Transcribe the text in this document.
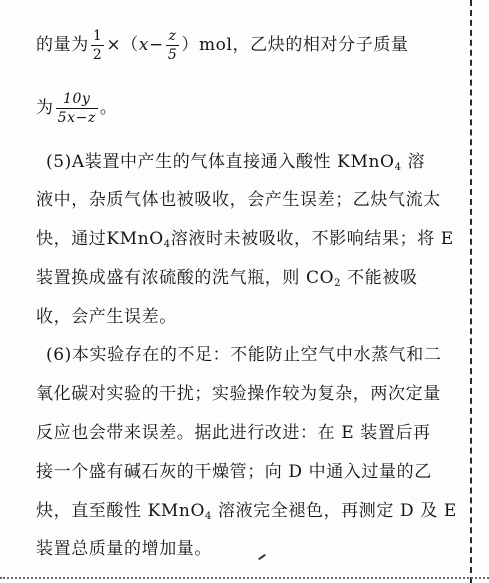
的量为 $\frac{1}{2} \times(x- \frac{z}{5} )mol$，乙炔的相对分子质量
为 $\frac{10y}{5x-z}$ 。
(5)A装置中产生的气体直接通入酸性 KMnO$_4$ 溶
液中，杂质气体也被吸收，会产生误差；乙炔气流太
快，通过KMnO$_4$溶液时未被吸收，不影响结果；将 E
装置换成盛有浓硫酸的洗气瓶，则 $CO_2$ 不能被吸
收，会产生误差。
(6)本实验存在的不足：不能防止空气中水蒸气和二
氧化碳对实验的干扰；实验操作较为复杂，两次定量
反应也会带来误差。据此进行改进：在 E 装置后再
接一个盛有碱石灰的干燥管；向 D 中通入过量的乙
炔，直至酸性 KMnO$_4$ 溶液完全褪色，再测定 D 及 E
装置总质量的增加量。
